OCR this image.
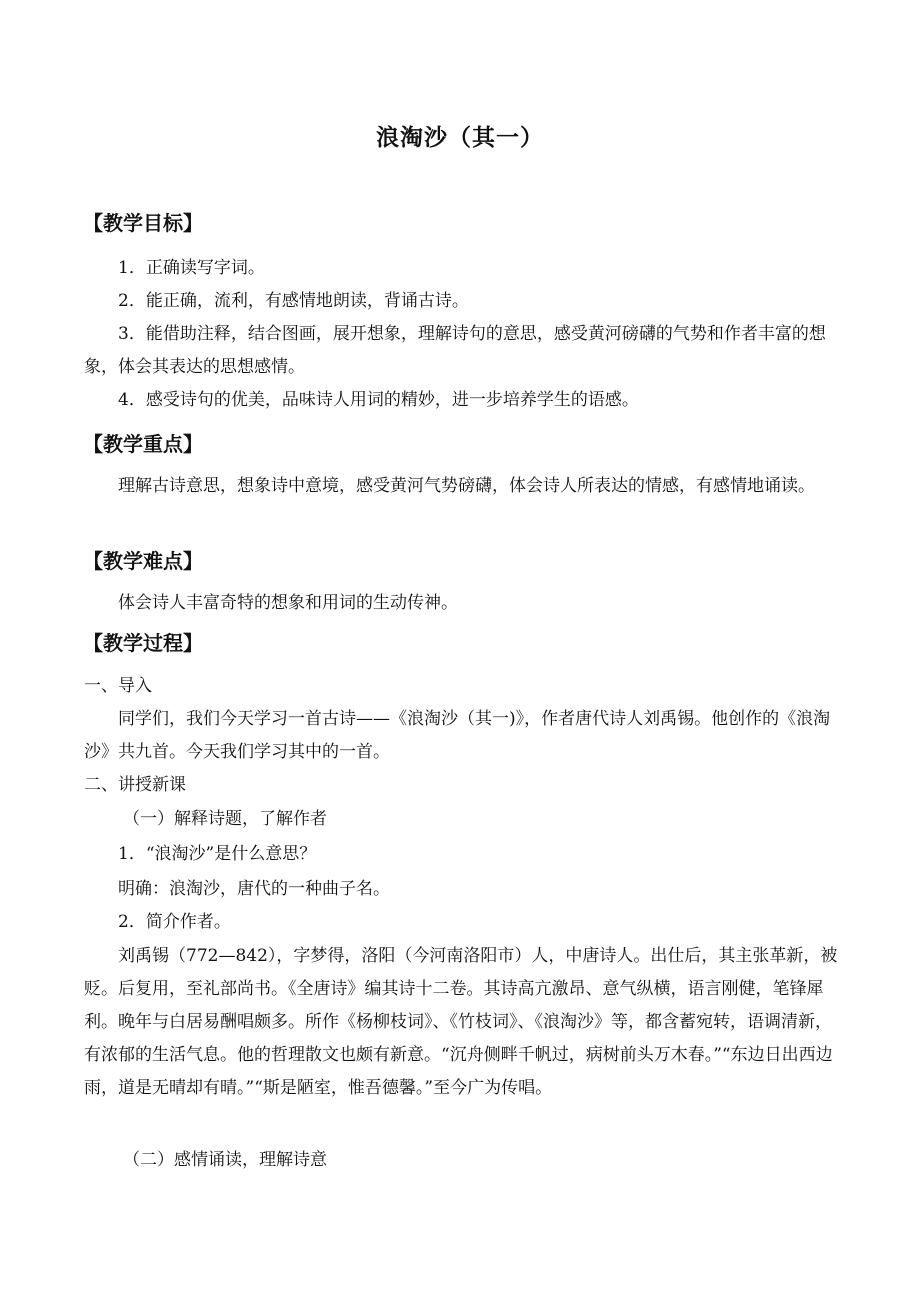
浪淘沙（其一）
【教学目标】
1．正确读写字词。
2．能正确，流利，有感情地朗读，背诵古诗。
3．能借助注释，结合图画，展开想象，理解诗句的意思，感受黄河磅礴的气势和作者丰富的想象，体会其表达的思想感情。
4．感受诗句的优美，品味诗人用词的精妙，进一步培养学生的语感。
【教学重点】
理解古诗意思，想象诗中意境，感受黄河气势磅礴，体会诗人所表达的情感，有感情地诵读。
【教学难点】
体会诗人丰富奇特的想象和用词的生动传神。
【教学过程】
一、导入
同学们，我们今天学习一首古诗——《浪淘沙（其一)》，作者唐代诗人刘禹锡。他创作的《浪淘沙》共九首。今天我们学习其中的一首。
二、讲授新课
（一）解释诗题，了解作者
1．“浪淘沙”是什么意思？
明确：浪淘沙，唐代的一种曲子名。
2．简介作者。
刘禹锡（772—842），字梦得，洛阳（今河南洛阳市）人，中唐诗人。出仕后，其主张革新，被贬。后复用，至礼部尚书。《全唐诗》编其诗十二卷。其诗高亢激昂、意气纵横，语言刚健，笔锋犀利。晚年与白居易酬唱颇多。所作《杨柳枝词》、《竹枝词》、《浪淘沙》等，都含蓄宛转，语调清新，有浓郁的生活气息。他的哲理散文也颇有新意。“沉舟侧畔千帆过，病树前头万木春。”“东边日出西边雨，道是无晴却有晴。”“斯是陋室，惟吾德馨。”至今广为传唱。
（二）感情诵读，理解诗意
